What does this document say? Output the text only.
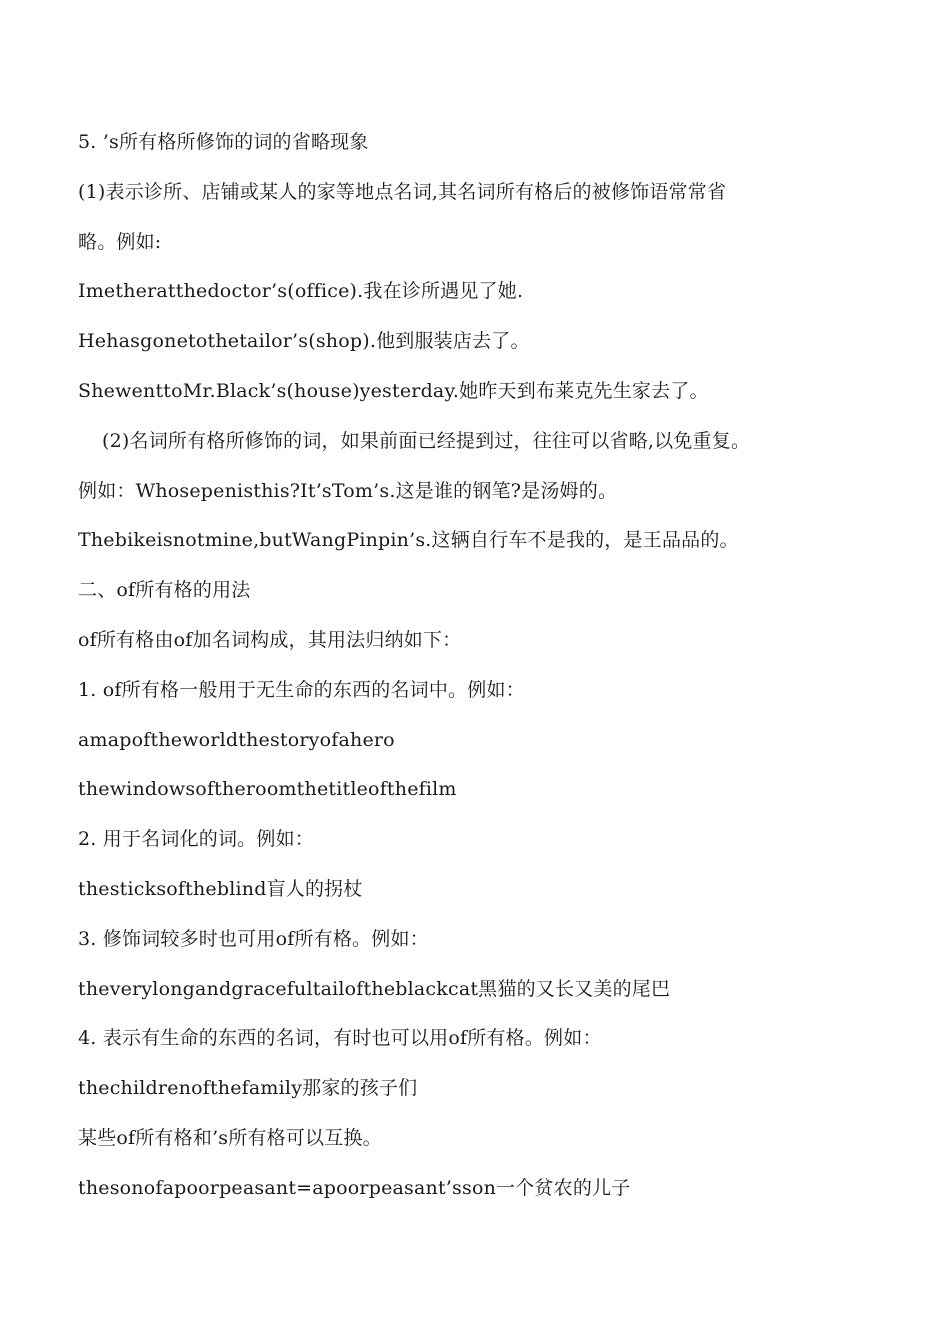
5. ’s所有格所修饰的词的省略现象

(1)表示诊所、店铺或某人的家等地点名词,其名词所有格后的被修饰语常常省

略。例如:

Imetheratthedoctor’s(office).我在诊所遇见了她.

Hehasgonetothetailor’s(shop).他到服装店去了。

ShewenttoMr.Black’s(house)yesterday.她昨天到布莱克先生家去了。

(2)名词所有格所修饰的词，如果前面已经提到过，往往可以省略,以免重复。

例如：Whosepenisthis?It’sTom’s.这是谁的钢笔?是汤姆的。

Thebikeisnotmine,butWangPinpin’s.这辆自行车不是我的，是王品品的。

二、of所有格的用法

of所有格由of加名词构成，其用法归纳如下：

1. of所有格一般用于无生命的东西的名词中。例如：

amapoftheworldthestoryofahero

thewindowsoftheroomthetitleofthefilm

2. 用于名词化的词。例如：

thesticksoftheblind盲人的拐杖

3. 修饰词较多时也可用of所有格。例如：

theverylongandgracefultailoftheblackcat黑猫的又长又美的尾巴

4. 表示有生命的东西的名词，有时也可以用of所有格。例如：

thechildrenofthefamily那家的孩子们

某些of所有格和’s所有格可以互换。

thesonofapoorpeasant=apoorpeasant’sson一个贫农的儿子
